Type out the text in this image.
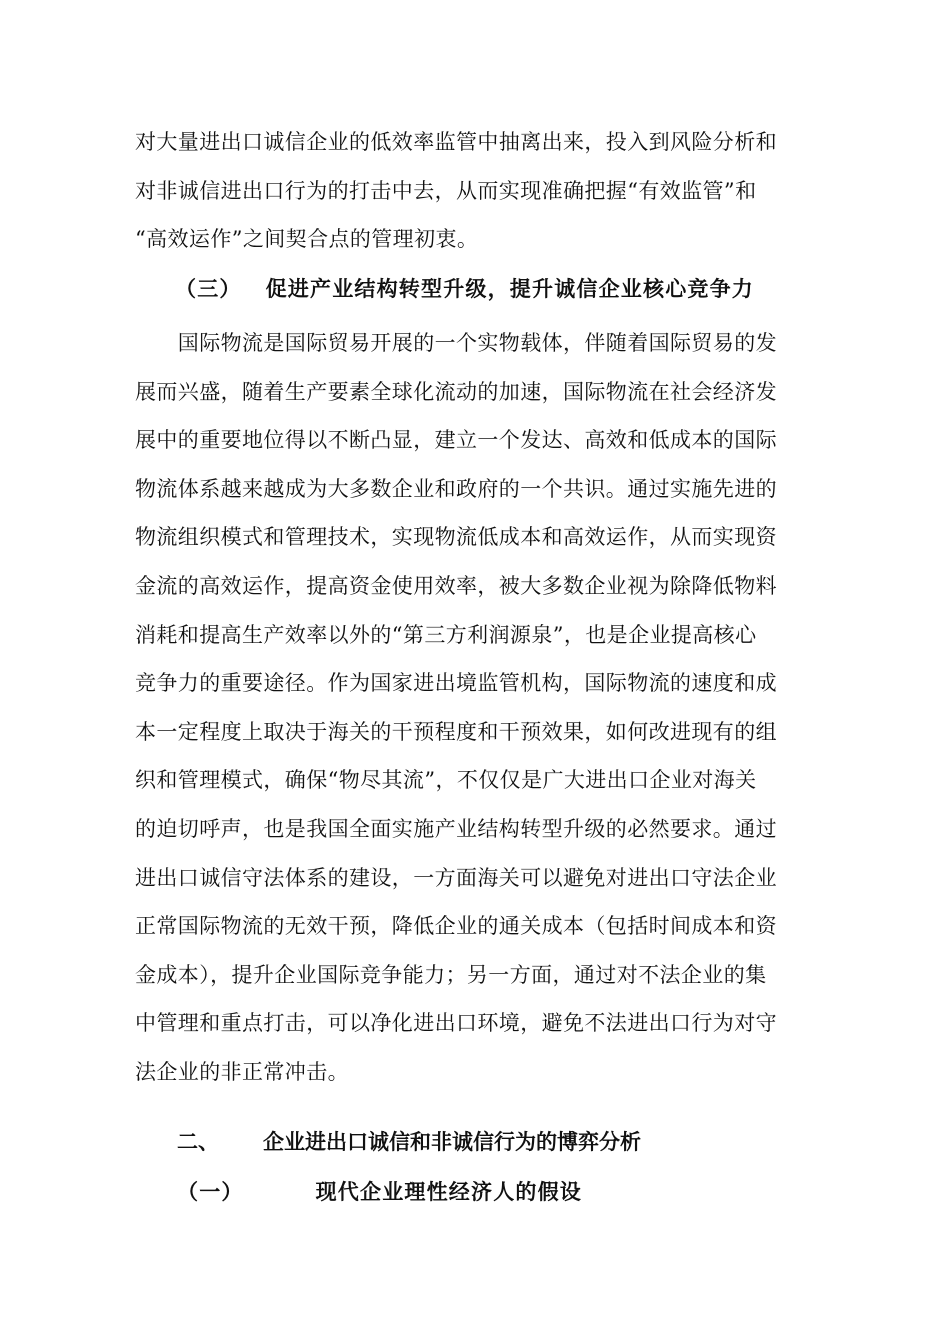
对大量进出口诚信企业的低效率监管中抽离出来，投入到风险分析和
对非诚信进出口行为的打击中去，从而实现准确把握“有效监管”和
“高效运作”之间契合点的管理初衷。

（三） 促进产业结构转型升级，提升诚信企业核心竞争力

　　国际物流是国际贸易开展的一个实物载体，伴随着国际贸易的发
展而兴盛，随着生产要素全球化流动的加速，国际物流在社会经济发
展中的重要地位得以不断凸显，建立一个发达、高效和低成本的国际
物流体系越来越成为大多数企业和政府的一个共识。通过实施先进的
物流组织模式和管理技术，实现物流低成本和高效运作，从而实现资
金流的高效运作，提高资金使用效率，被大多数企业视为除降低物料
消耗和提高生产效率以外的“第三方利润源泉”，也是企业提高核心
竞争力的重要途径。作为国家进出境监管机构，国际物流的速度和成
本一定程度上取决于海关的干预程度和干预效果，如何改进现有的组
织和管理模式，确保“物尽其流”，不仅仅是广大进出口企业对海关
的迫切呼声，也是我国全面实施产业结构转型升级的必然要求。通过
进出口诚信守法体系的建设，一方面海关可以避免对进出口守法企业
正常国际物流的无效干预，降低企业的通关成本（包括时间成本和资
金成本），提升企业国际竞争能力；另一方面，通过对不法企业的集
中管理和重点打击，可以净化进出口环境，避免不法进出口行为对守
法企业的非正常冲击。

二、 企业进出口诚信和非诚信行为的博弈分析
（一）	现代企业理性经济人的假设
